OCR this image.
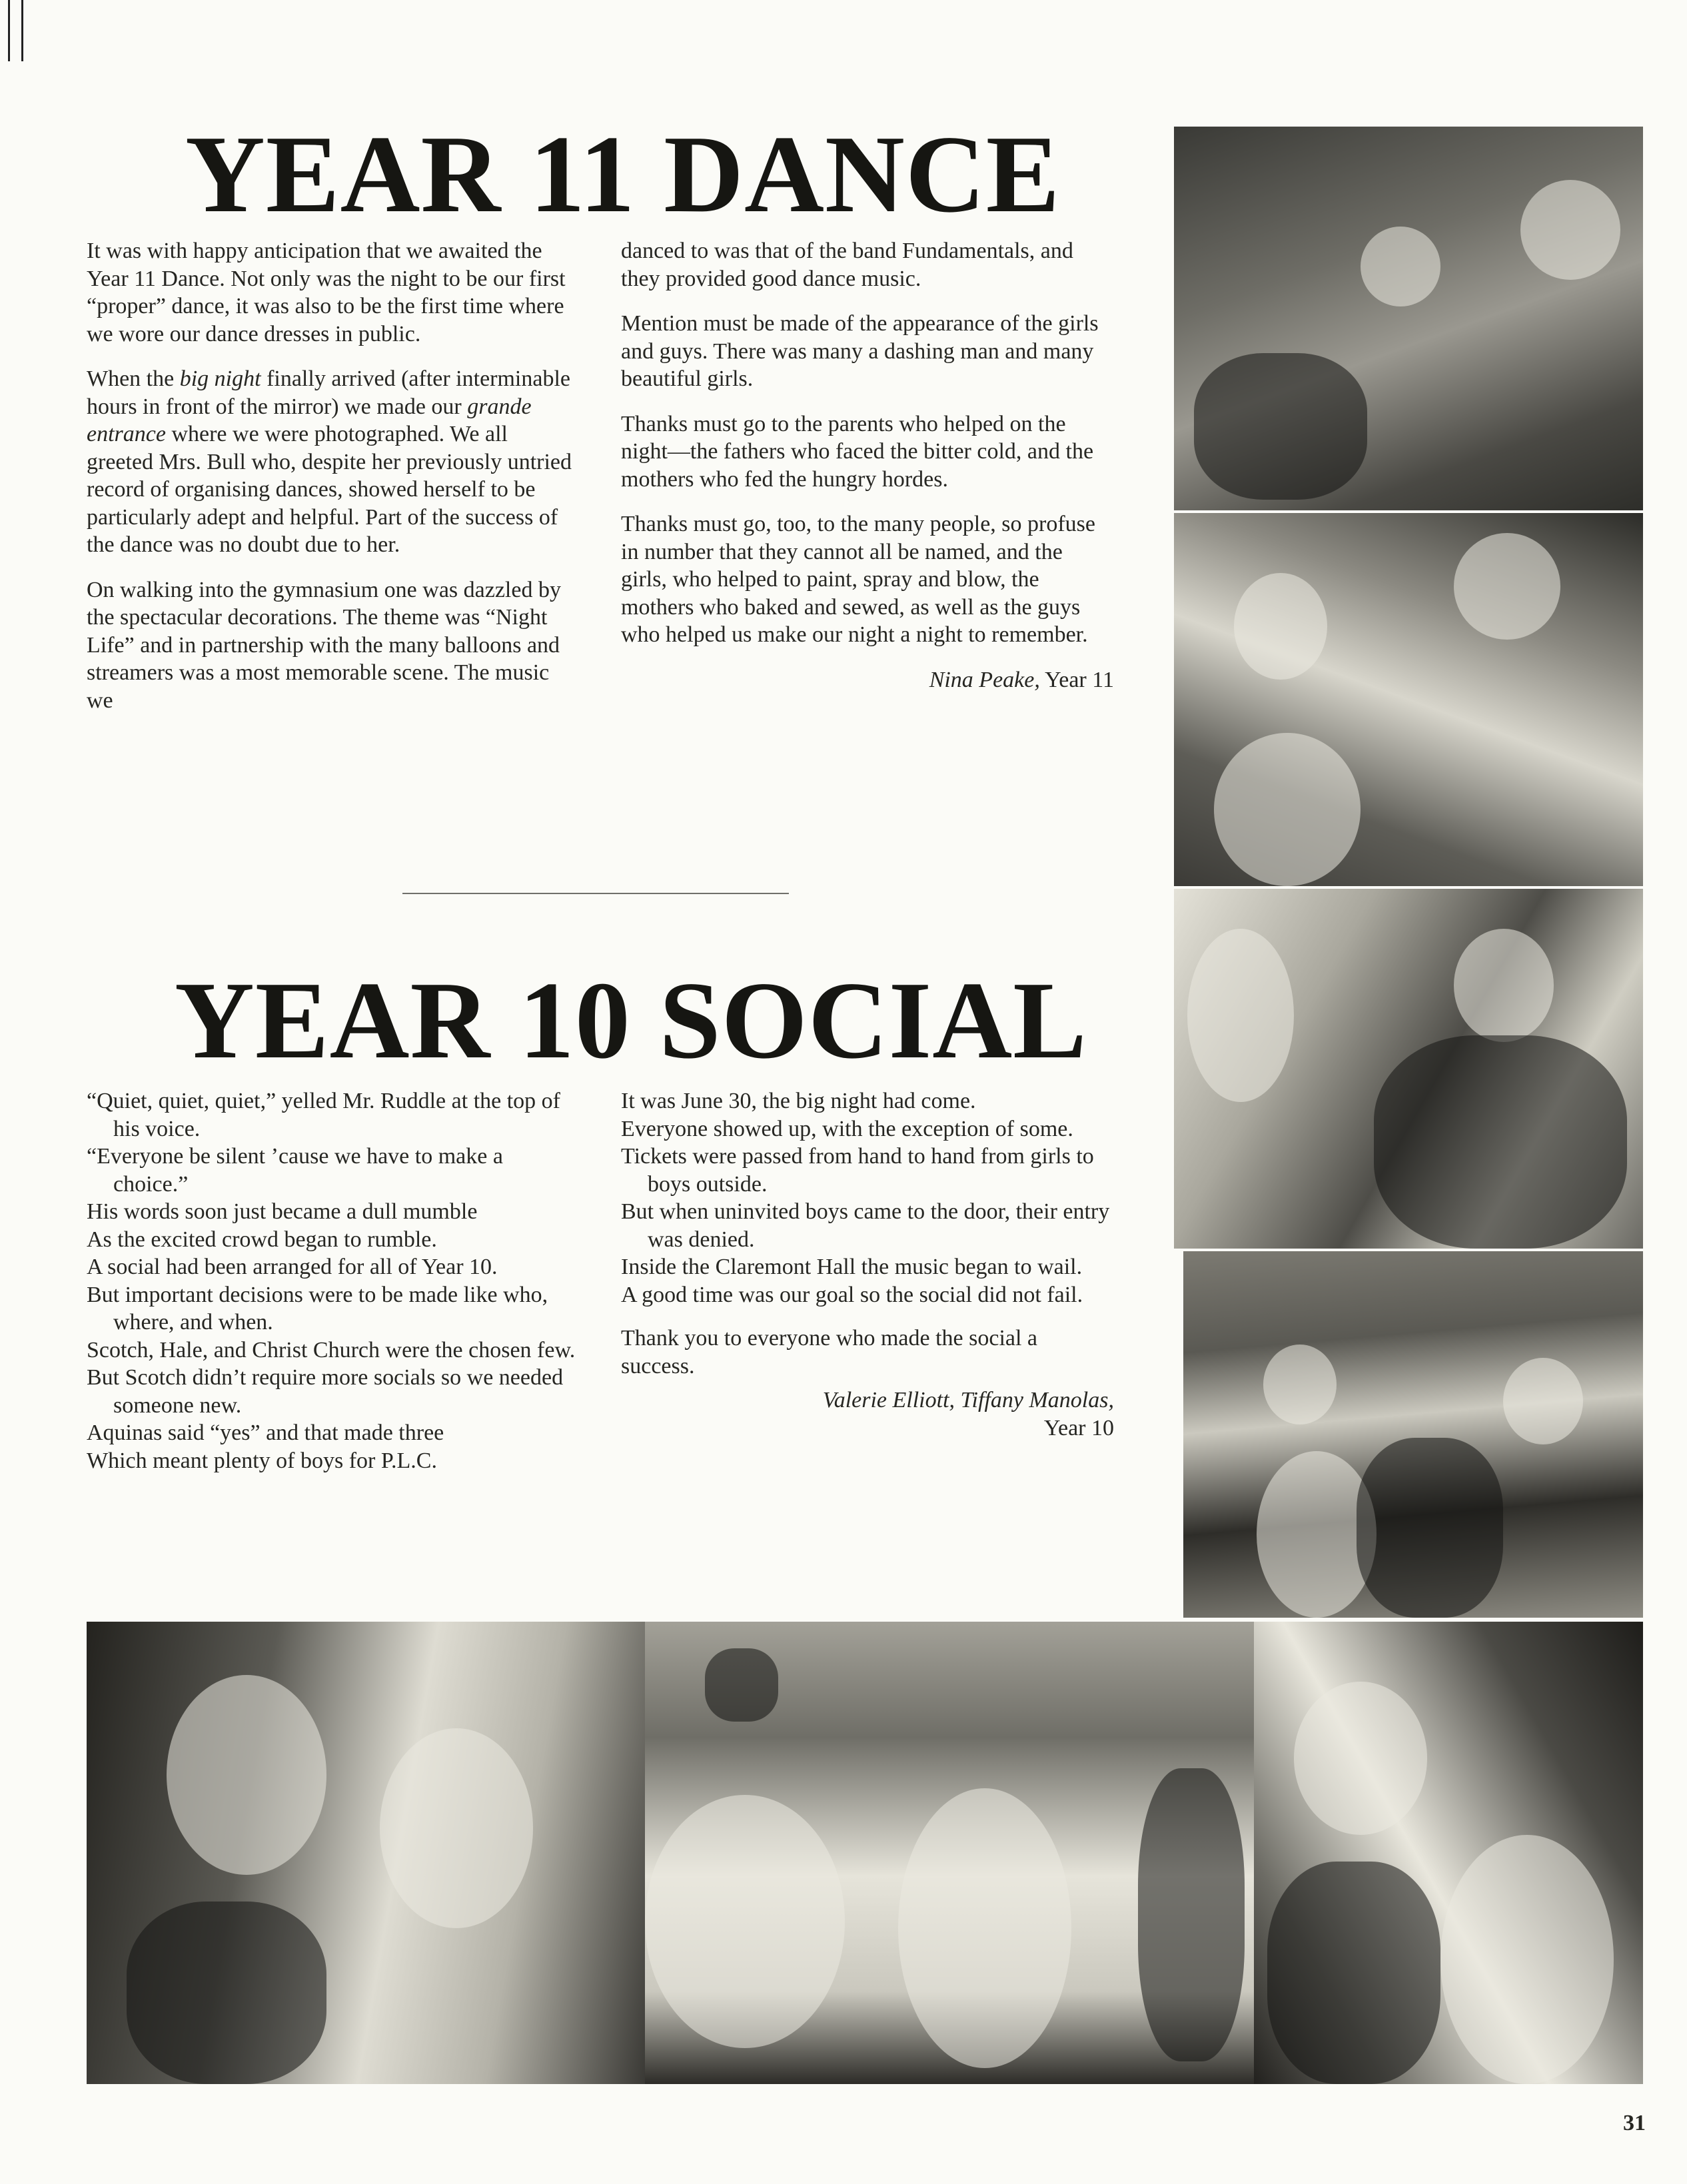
YEAR 11 DANCE

It was with happy anticipation that we awaited the Year 11 Dance. Not only was the night to be our first “proper” dance, it was also to be the first time where we wore our dance dresses in public.

When the big night finally arrived (after interminable hours in front of the mirror) we made our grande entrance where we were photographed. We all greeted Mrs. Bull who, despite her previously untried record of organising dances, showed herself to be particularly adept and helpful. Part of the success of the dance was no doubt due to her.

On walking into the gymnasium one was dazzled by the spectacular decorations. The theme was “Night Life” and in partnership with the many balloons and streamers was a most memorable scene. The music we

danced to was that of the band Fundamentals, and they provided good dance music.

Mention must be made of the appearance of the girls and guys. There was many a dashing man and many beautiful girls.

Thanks must go to the parents who helped on the night—the fathers who faced the bitter cold, and the mothers who fed the hungry hordes.

Thanks must go, too, to the many people, so profuse in number that they cannot all be named, and the girls, who helped to paint, spray and blow, the mothers who baked and sewed, as well as the guys who helped us make our night a night to remember.

Nina Peake, Year 11

YEAR 10 SOCIAL
“Quiet, quiet, quiet,” yelled Mr. Ruddle at the top of his voice.
“Everyone be silent ’cause we have to make a choice.”
His words soon just became a dull mumble
As the excited crowd began to rumble.
A social had been arranged for all of Year 10.
But important decisions were to be made like who, where, and when.
Scotch, Hale, and Christ Church were the chosen few.
But Scotch didn’t require more socials so we needed someone new.
Aquinas said “yes” and that made three
Which meant plenty of boys for P.L.C.
It was June 30, the big night had come.
Everyone showed up, with the exception of some.
Tickets were passed from hand to hand from girls to boys outside.
But when uninvited boys came to the door, their entry was denied.
Inside the Claremont Hall the music began to wail.
A good time was our goal so the social did not fail.

Thank you to everyone who made the social a success.

Valerie Elliott, Tiffany Manolas,
Year 10
31
